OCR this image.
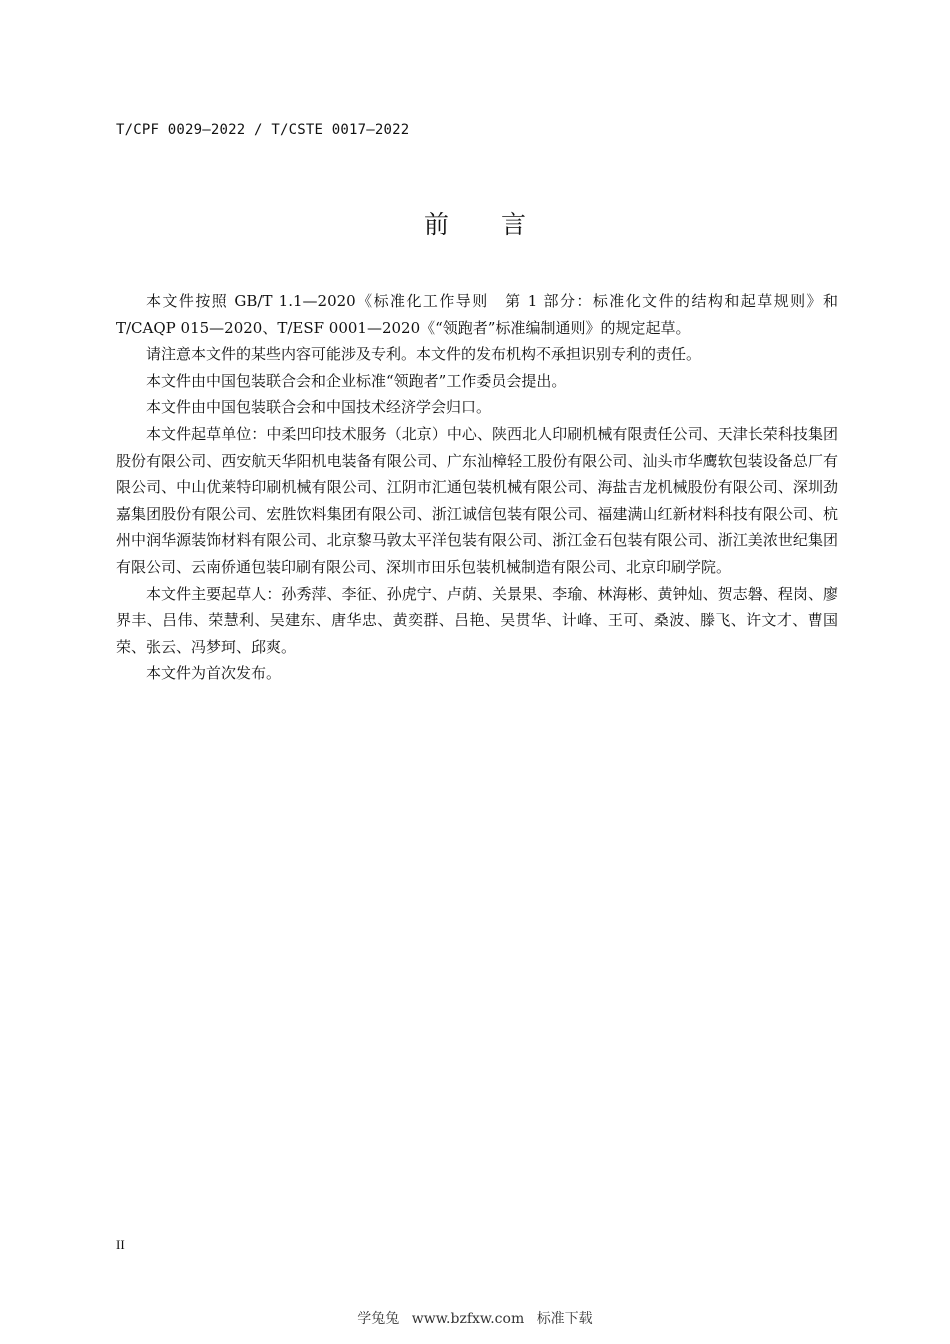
T/CPF 0029—2022 / T/CSTE 0017—2022
前言

本文件按照 GB/T 1.1—2020《标准化工作导则　第 1 部分：标准化文件的结构和起草规则》和 T/CAQP 015—2020、T/ESF 0001—2020《“领跑者”标准编制通则》的规定起草。

请注意本文件的某些内容可能涉及专利。本文件的发布机构不承担识别专利的责任。

本文件由中国包装联合会和企业标准“领跑者”工作委员会提出。

本文件由中国包装联合会和中国技术经济学会归口。

本文件起草单位：中柔凹印技术服务（北京）中心、陕西北人印刷机械有限责任公司、天津长荣科技集团股份有限公司、西安航天华阳机电装备有限公司、广东汕樟轻工股份有限公司、汕头市华鹰软包装设备总厂有限公司、中山优莱特印刷机械有限公司、江阴市汇通包装机械有限公司、海盐吉龙机械股份有限公司、深圳劲嘉集团股份有限公司、宏胜饮料集团有限公司、浙江诚信包装有限公司、福建满山红新材料科技有限公司、杭州中润华源装饰材料有限公司、北京黎马敦太平洋包装有限公司、浙江金石包装有限公司、浙江美浓世纪集团有限公司、云南侨通包装印刷有限公司、深圳市田乐包装机械制造有限公司、北京印刷学院。

本文件主要起草人：孙秀萍、李征、孙虎宁、卢荫、关景果、李瑜、林海彬、黄钟灿、贺志磐、程岗、廖界丰、吕伟、荣慧利、吴建东、唐华忠、黄奕群、吕艳、吴贯华、计峰、王可、桑波、滕飞、许文才、曹国荣、张云、冯梦珂、邱爽。

本文件为首次发布。

II
学兔兔 www.bzfxw.com 标准下载
